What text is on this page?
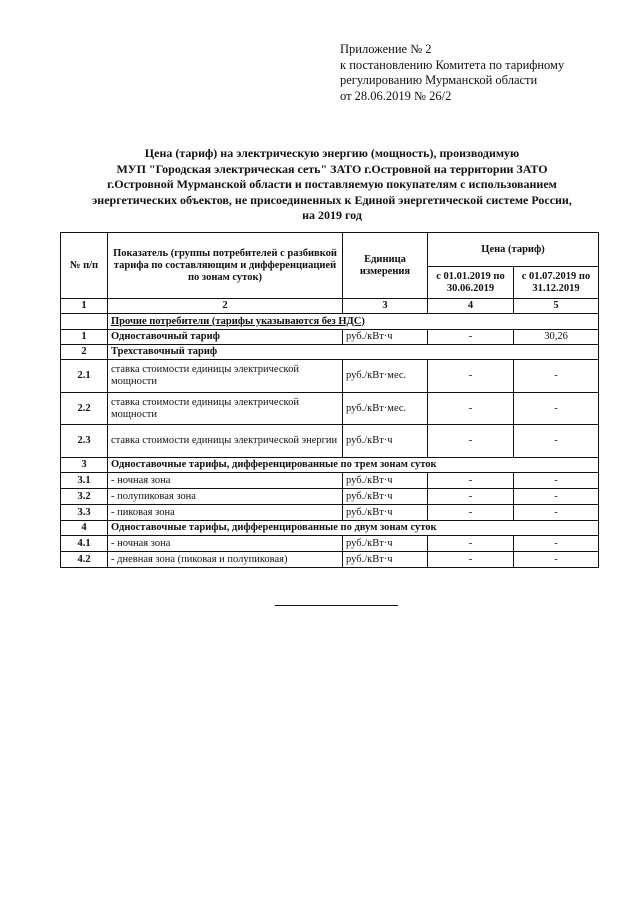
Приложение № 2
к постановлению Комитета по тарифному
регулированию Мурманской области
от 28.06.2019 № 26/2
Цена (тариф) на электрическую энергию (мощность), производимую
МУП "Городская электрическая сеть" ЗАТО г.Островной на территории ЗАТО
г.Островной Мурманской области и поставляемую покупателям с использованием
энергетических объектов, не присоединенных к Единой энергетической системе России,
на 2019 год
№ п/п	Показатель (группы потребителей с разбивкой тарифа по составляющим и дифференциацией по зонам суток)	Единица измерения	Цена (тариф)	
			с 01.01.2019 по 30.06.2019	с 01.07.2019 по 31.12.2019
1	2	3	4	5
	Прочие потребители (тарифы указываются без НДС)			
1	Одноставочный тариф	руб./кВт·ч	-	30,26
2	Трехставочный тариф			
2.1	ставка стоимости единицы электрической мощности	руб./кВт·мес.	-	-
2.2	ставка стоимости единицы электрической мощности	руб./кВт·мес.	-	-
2.3	ставка стоимости единицы электрической энергии	руб./кВт·ч	-	-
3	Одноставочные тарифы, дифференцированные по трем зонам суток			
3.1	- ночная зона	руб./кВт·ч	-	-
3.2	- полупиковая зона	руб./кВт·ч	-	-
3.3	- пиковая зона	руб./кВт·ч	-	-
4	Одноставочные тарифы, дифференцированные по двум зонам суток			
4.1	- ночная зона	руб./кВт·ч	-	-
4.2	- дневная зона (пиковая и полупиковая)	руб./кВт·ч	-	-
